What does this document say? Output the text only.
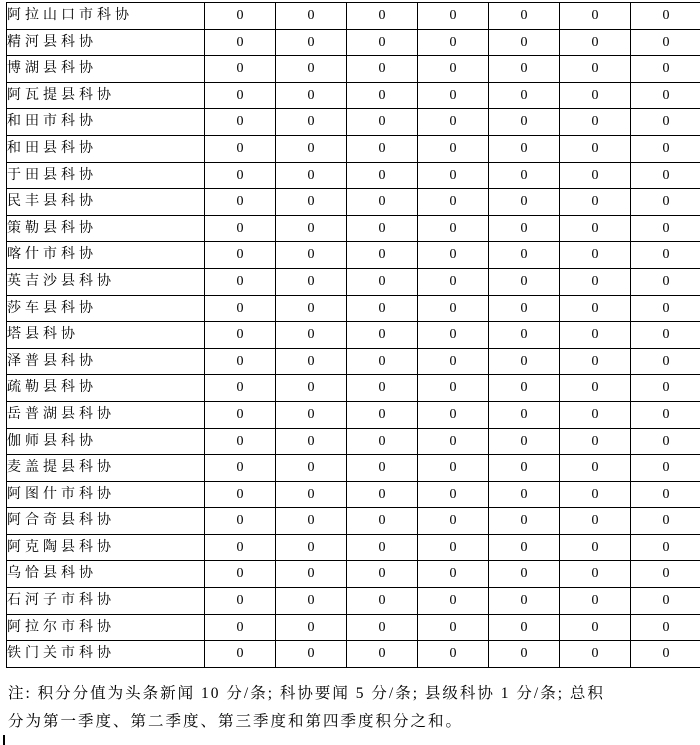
阿拉山口市科协	0	0	0	0	0	0	0
精河县科协	0	0	0	0	0	0	0
博湖县科协	0	0	0	0	0	0	0
阿瓦提县科协	0	0	0	0	0	0	0
和田市科协	0	0	0	0	0	0	0
和田县科协	0	0	0	0	0	0	0
于田县科协	0	0	0	0	0	0	0
民丰县科协	0	0	0	0	0	0	0
策勒县科协	0	0	0	0	0	0	0
喀什市科协	0	0	0	0	0	0	0
英吉沙县科协	0	0	0	0	0	0	0
莎车县科协	0	0	0	0	0	0	0
塔县科协	0	0	0	0	0	0	0
泽普县科协	0	0	0	0	0	0	0
疏勒县科协	0	0	0	0	0	0	0
岳普湖县科协	0	0	0	0	0	0	0
伽师县科协	0	0	0	0	0	0	0
麦盖提县科协	0	0	0	0	0	0	0
阿图什市科协	0	0	0	0	0	0	0
阿合奇县科协	0	0	0	0	0	0	0
阿克陶县科协	0	0	0	0	0	0	0
乌恰县科协	0	0	0	0	0	0	0
石河子市科协	0	0	0	0	0	0	0
阿拉尔市科协	0	0	0	0	0	0	0
铁门关市科协	0	0	0	0	0	0	0
注: 积分分值为头条新闻 10 分/条; 科协要闻 5 分/条; 县级科协 1 分/条; 总积
分为第一季度、第二季度、第三季度和第四季度积分之和。
